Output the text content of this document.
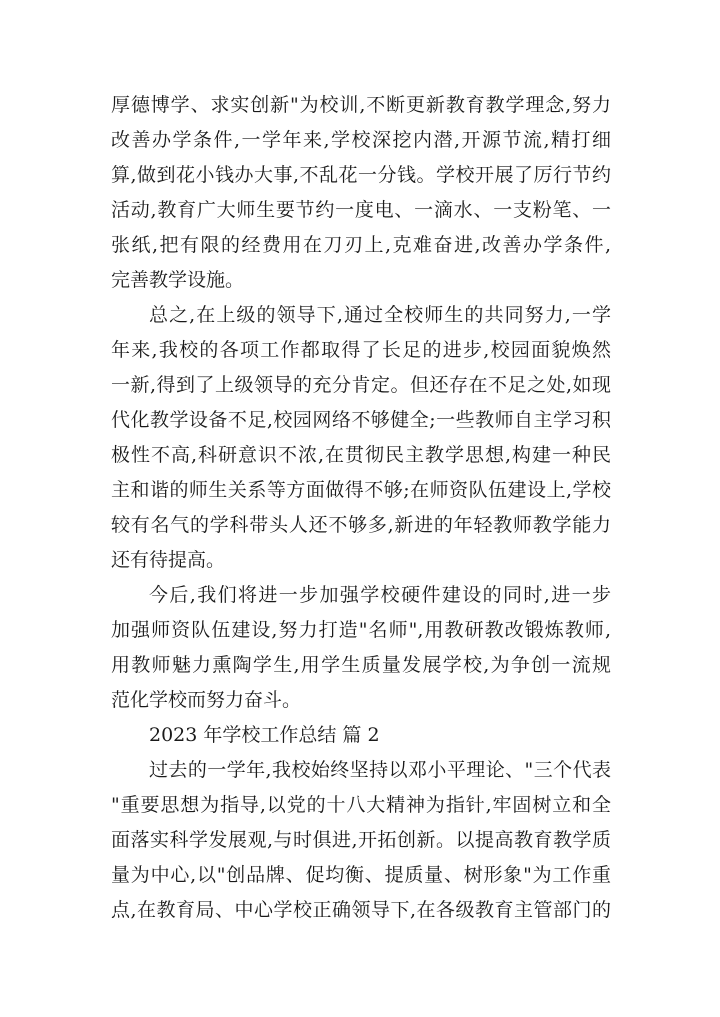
厚德博学、求实创新"为校训,不断更新教育教学理念,努力
改善办学条件,一学年来,学校深挖内潜,开源节流,精打细
算,做到花小钱办大事,不乱花一分钱。学校开展了厉行节约
活动,教育广大师生要节约一度电、一滴水、一支粉笔、一
张纸,把有限的经费用在刀刃上,克难奋进,改善办学条件,
完善教学设施。
总之,在上级的领导下,通过全校师生的共同努力,一学
年来,我校的各项工作都取得了长足的进步,校园面貌焕然
一新,得到了上级领导的充分肯定。但还存在不足之处,如现
代化教学设备不足,校园网络不够健全;一些教师自主学习积
极性不高,科研意识不浓,在贯彻民主教学思想,构建一种民
主和谐的师生关系等方面做得不够;在师资队伍建设上,学校
较有名气的学科带头人还不够多,新进的年轻教师教学能力
还有待提高。
今后,我们将进一步加强学校硬件建设的同时,进一步
加强师资队伍建设,努力打造"名师",用教研教改锻炼教师,
用教师魅力熏陶学生,用学生质量发展学校,为争创一流规
范化学校而努力奋斗。
2023 年学校工作总结 篇 2
过去的一学年,我校始终坚持以邓小平理论、"三个代表
"重要思想为指导,以党的十八大精神为指针,牢固树立和全
面落实科学发展观,与时俱进,开拓创新。以提高教育教学质
量为中心,以"创品牌、促均衡、提质量、树形象"为工作重
点,在教育局、中心学校正确领导下,在各级教育主管部门的
